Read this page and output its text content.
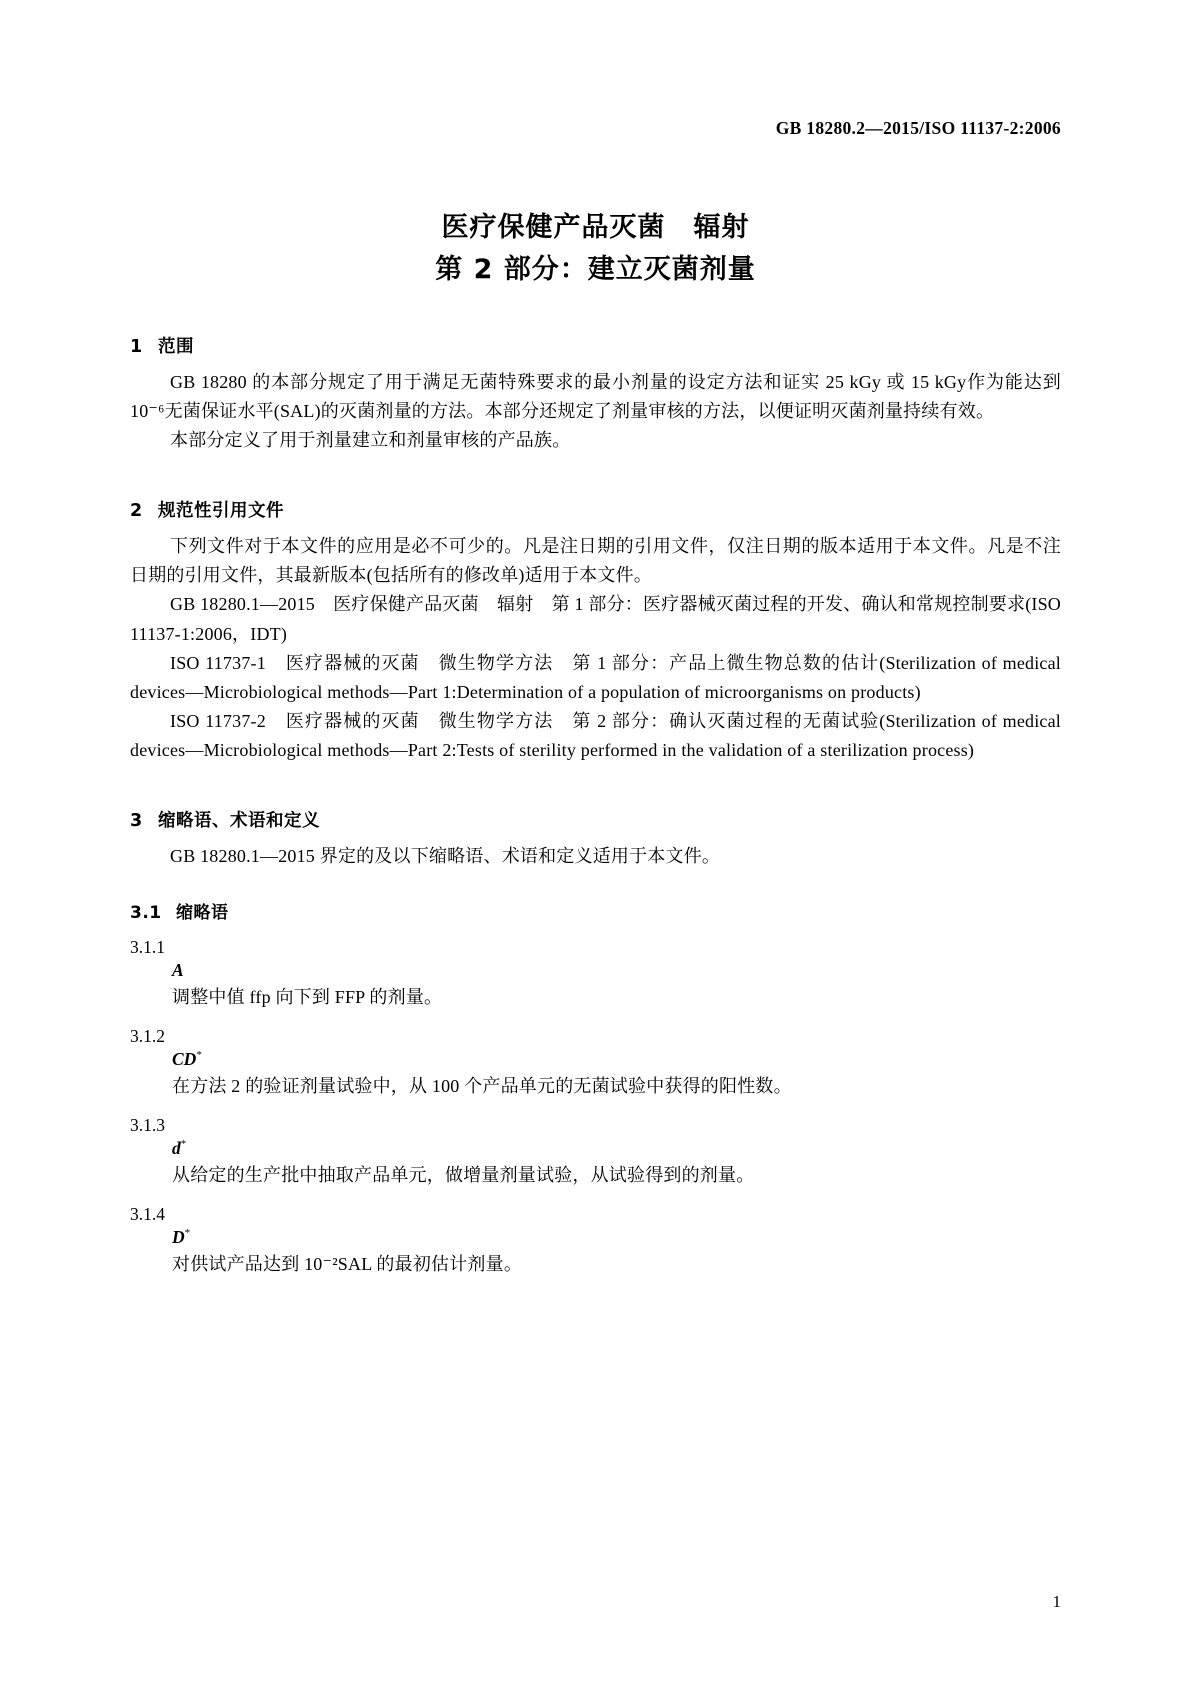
GB 18280.2—2015/ISO 11137-2:2006
医疗保健产品灭菌　辐射
第 2 部分：建立灭菌剂量
1 范围

GB 18280 的本部分规定了用于满足无菌特殊要求的最小剂量的设定方法和证实 25 kGy 或 15 kGy作为能达到 10⁻⁶无菌保证水平(SAL)的灭菌剂量的方法。本部分还规定了剂量审核的方法，以便证明灭菌剂量持续有效。

本部分定义了用于剂量建立和剂量审核的产品族。

2 规范性引用文件

下列文件对于本文件的应用是必不可少的。凡是注日期的引用文件，仅注日期的版本适用于本文件。凡是不注日期的引用文件，其最新版本(包括所有的修改单)适用于本文件。

GB 18280.1—2015　医疗保健产品灭菌　辐射　第 1 部分：医疗器械灭菌过程的开发、确认和常规控制要求(ISO 11137-1:2006，IDT)

ISO 11737-1　医疗器械的灭菌　微生物学方法　第 1 部分：产品上微生物总数的估计(Sterilization of medical devices—Microbiological methods—Part 1:Determination of a population of microorganisms on products)

ISO 11737-2　医疗器械的灭菌　微生物学方法　第 2 部分：确认灭菌过程的无菌试验(Sterilization of medical devices—Microbiological methods—Part 2:Tests of sterility performed in the validation of a sterilization process)

3 缩略语、术语和定义

GB 18280.1—2015 界定的及以下缩略语、术语和定义适用于本文件。

3.1 缩略语
3.1.1
A

调整中值 ffp 向下到 FFP 的剂量。

3.1.2
CD*

在方法 2 的验证剂量试验中，从 100 个产品单元的无菌试验中获得的阳性数。

3.1.3
d*

从给定的生产批中抽取产品单元，做增量剂量试验，从试验得到的剂量。

3.1.4
D*

对供试产品达到 10⁻²SAL 的最初估计剂量。

1
